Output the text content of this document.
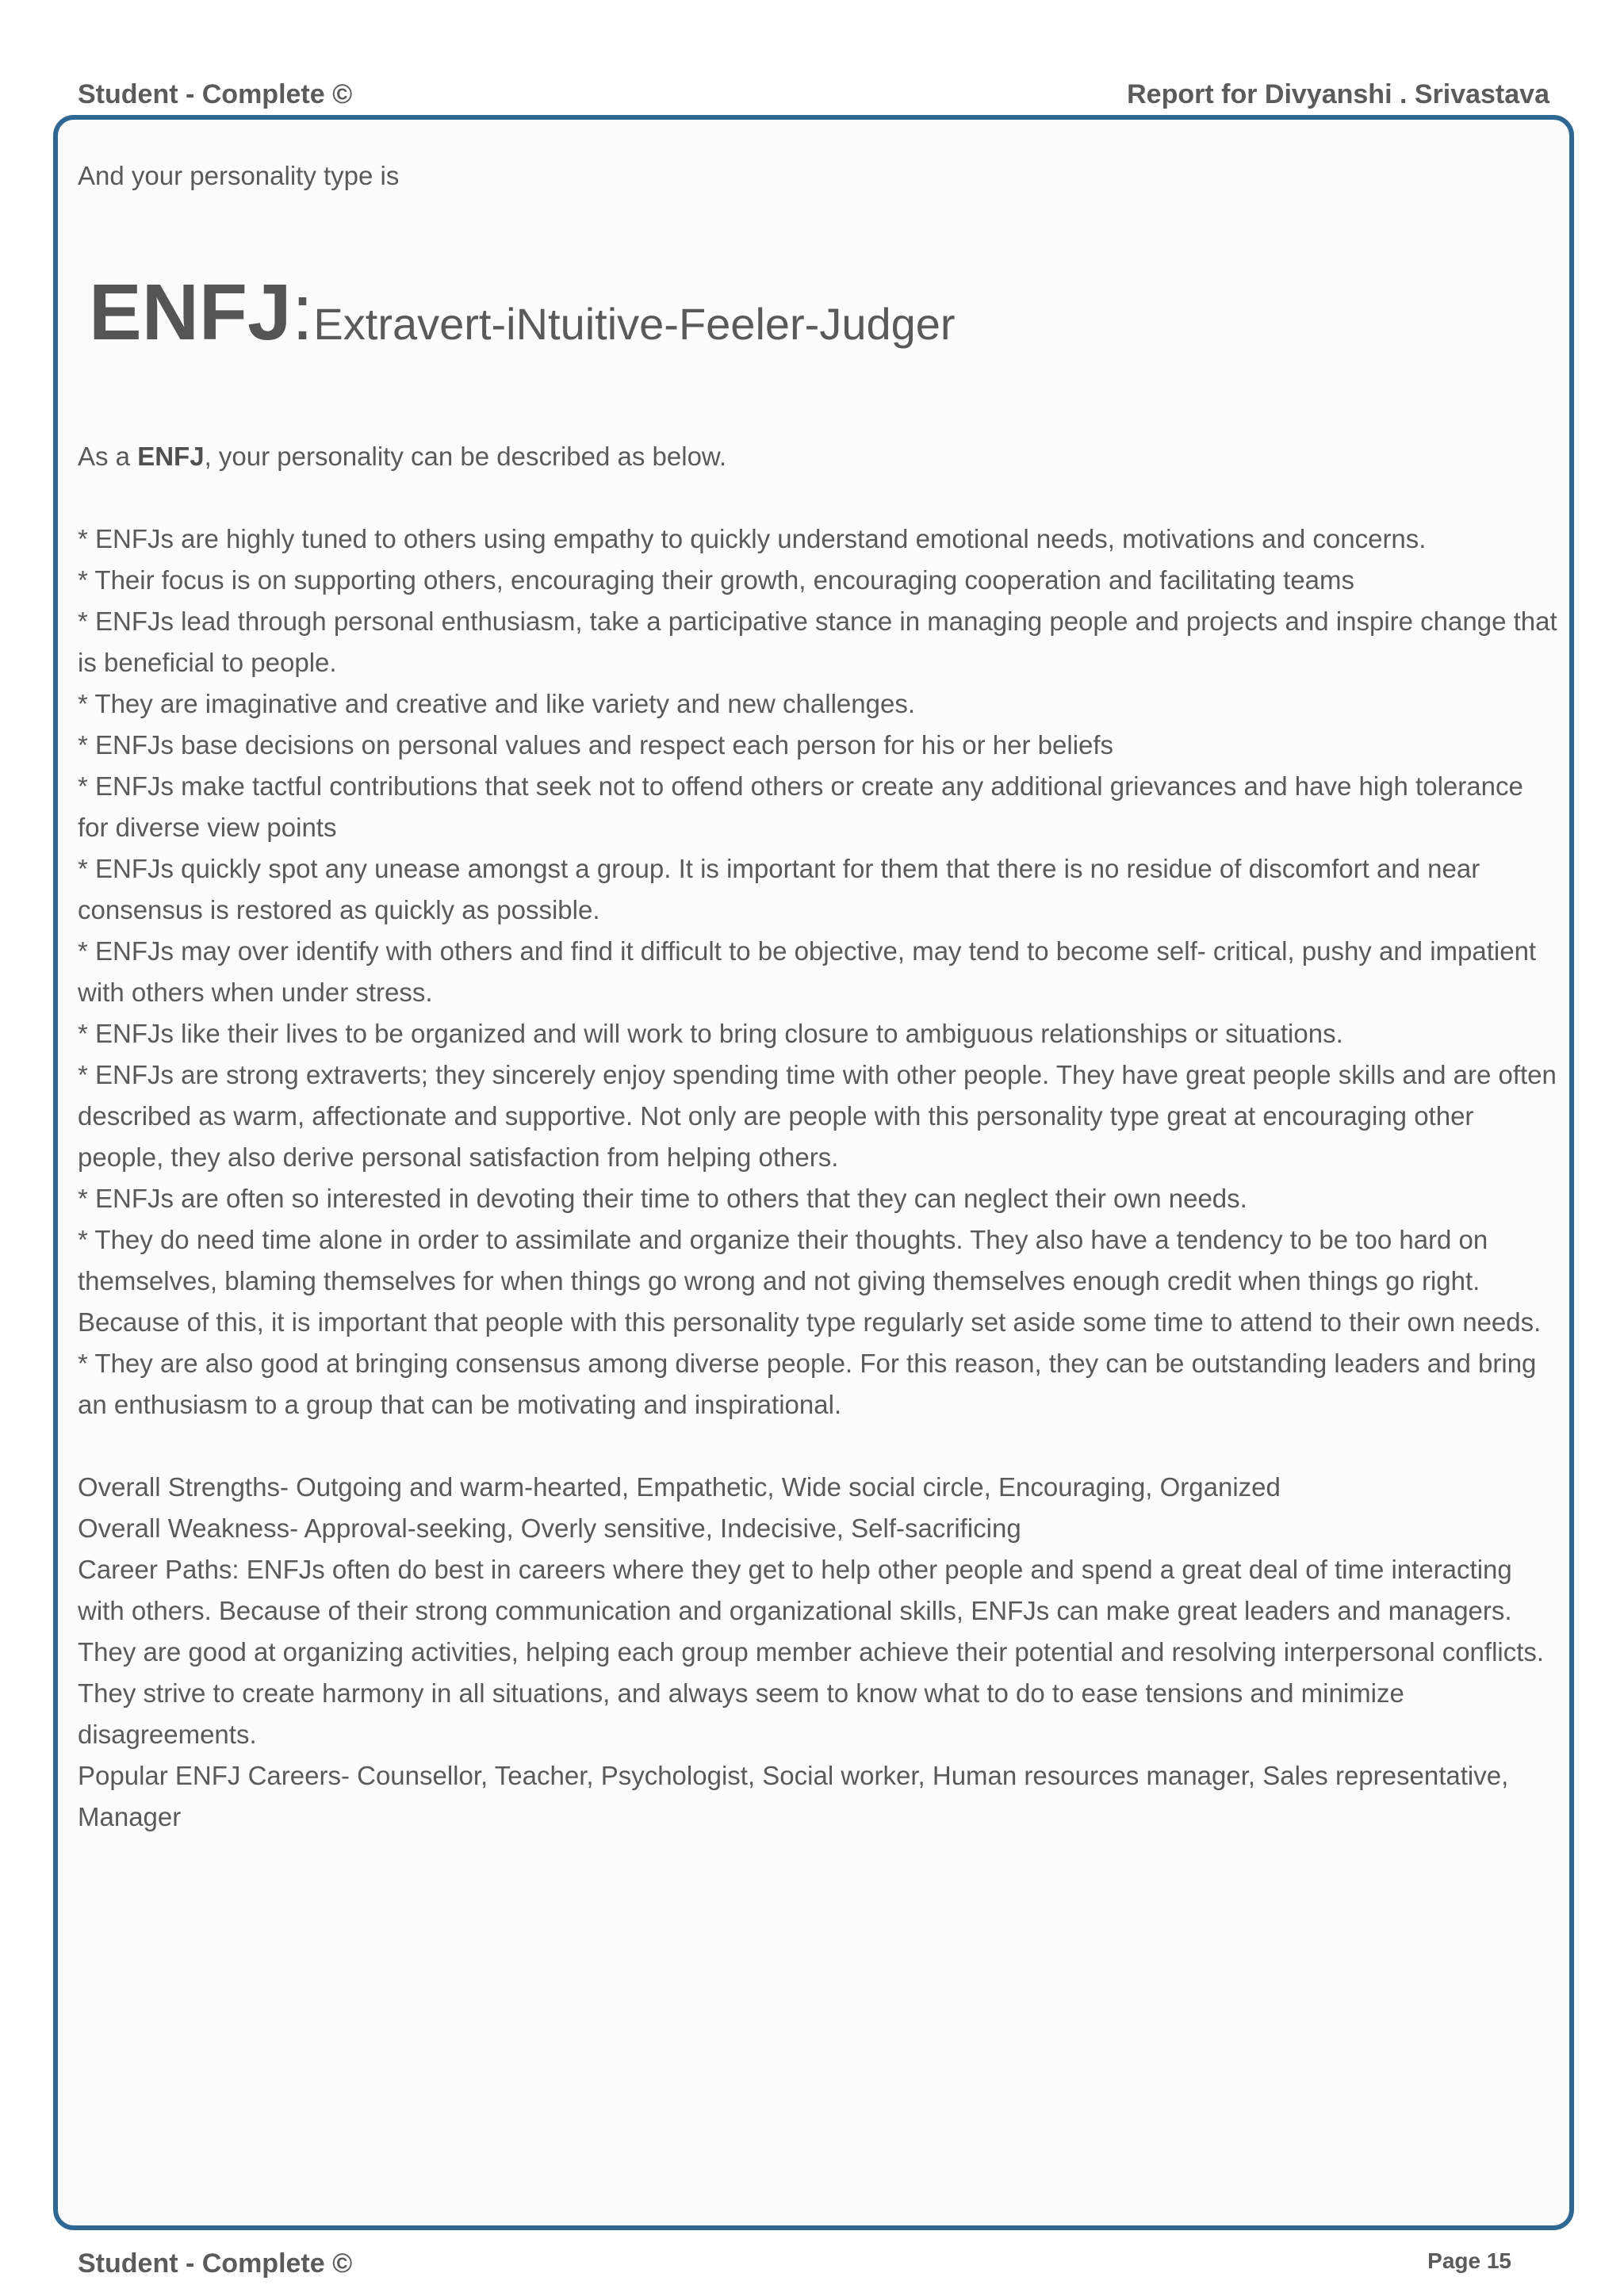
Student - Complete ©	Report for Divyanshi . Srivastava

And your personality type is

ENFJ:Extravert-iNtuitive-Feeler-Judger

As a ENFJ, your personality can be described as below.

* ENFJs are highly tuned to others using empathy to quickly understand emotional needs, motivations and concerns.

* Their focus is on supporting others, encouraging their growth, encouraging cooperation and facilitating teams

* ENFJs lead through personal enthusiasm, take a participative stance in managing people and projects and inspire change that is beneficial to people.

* They are imaginative and creative and like variety and new challenges.

* ENFJs base decisions on personal values and respect each person for his or her beliefs

* ENFJs make tactful contributions that seek not to offend others or create any additional grievances and have high tolerance for diverse view points

* ENFJs quickly spot any unease amongst a group. It is important for them that there is no residue of discomfort and near consensus is restored as quickly as possible.

* ENFJs may over identify with others and find it difficult to be objective, may tend to become self- critical, pushy and impatient with others when under stress.

* ENFJs like their lives to be organized and will work to bring closure to ambiguous relationships or situations.

* ENFJs are strong extraverts; they sincerely enjoy spending time with other people. They have great people skills and are often described as warm, affectionate and supportive. Not only are people with this personality type great at encouraging other people, they also derive personal satisfaction from helping others.

* ENFJs are often so interested in devoting their time to others that they can neglect their own needs.

* They do need time alone in order to assimilate and organize their thoughts. They also have a tendency to be too hard on themselves, blaming themselves for when things go wrong and not giving themselves enough credit when things go right. Because of this, it is important that people with this personality type regularly set aside some time to attend to their own needs.

* They are also good at bringing consensus among diverse people. For this reason, they can be outstanding leaders and bring an enthusiasm to a group that can be motivating and inspirational.

Overall Strengths- Outgoing and warm-hearted, Empathetic, Wide social circle, Encouraging, Organized

Overall Weakness- Approval-seeking, Overly sensitive, Indecisive, Self-sacrificing

Career Paths: ENFJs often do best in careers where they get to help other people and spend a great deal of time interacting with others. Because of their strong communication and organizational skills, ENFJs can make great leaders and managers. They are good at organizing activities, helping each group member achieve their potential and resolving interpersonal conflicts. They strive to create harmony in all situations, and always seem to know what to do to ease tensions and minimize disagreements.

Popular ENFJ Careers- Counsellor, Teacher, Psychologist, Social worker, Human resources manager, Sales representative, Manager

Student - Complete ©	Page 15
